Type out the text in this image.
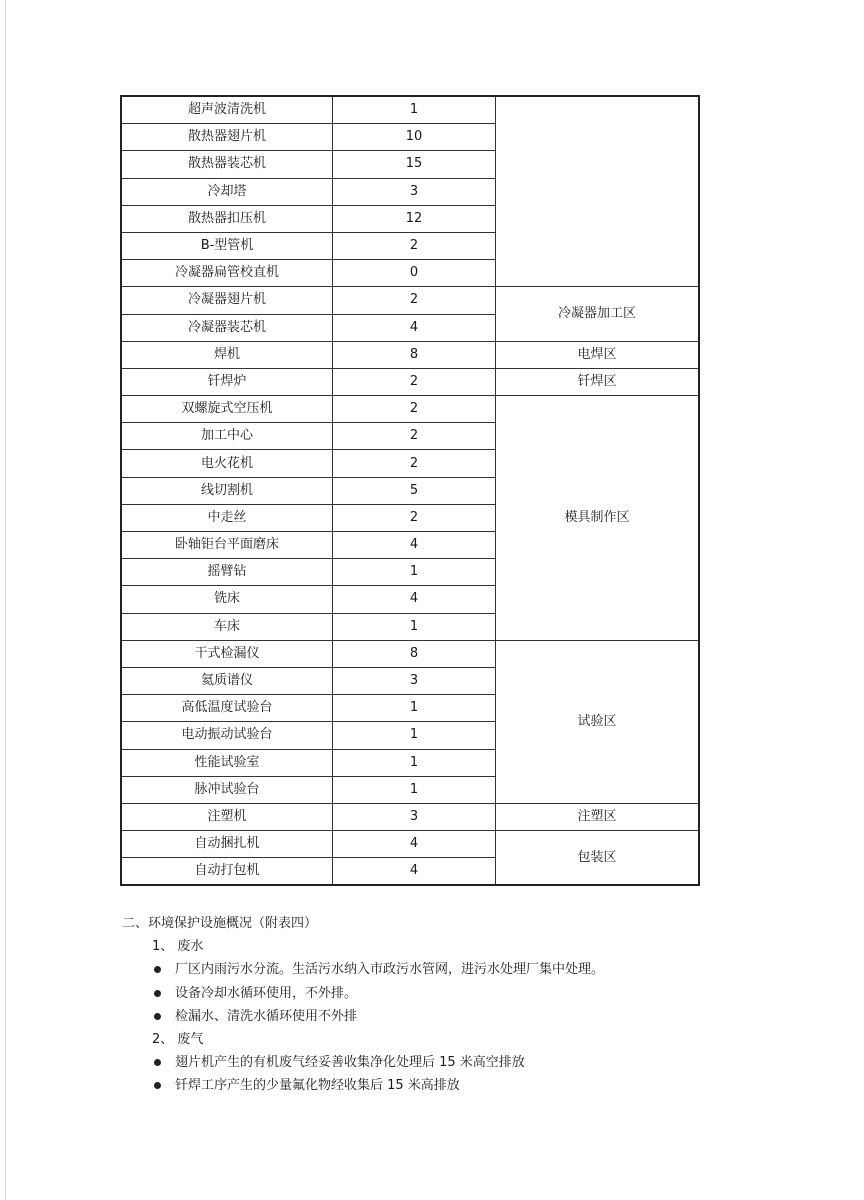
超声波清洗机	1	
散热器翅片机	10	
散热器装芯机	15	
冷却塔	3	
散热器扣压机	12	
B-型管机	2	
冷凝器扁管校直机	0	
冷凝器翅片机	2	冷凝器加工区
冷凝器装芯机	4	
焊机	8	电焊区
钎焊炉	2	钎焊区
双螺旋式空压机	2	模具制作区
加工中心	2	
电火花机	2	
线切割机	5	
中走丝	2	
卧轴钜台平面磨床	4	
摇臂钻	1	
铣床	4	
车床	1	
干式检漏仪	8	试验区
氦质谱仪	3	
高低温度试验台	1	
电动振动试验台	1	
性能试验室	1	
脉冲试验台	1	
注塑机	3	注塑区
自动捆扎机	4	包装区
自动打包机	4	
二、环境保护设施概况（附表四）
1、 废水
厂区内雨污水分流。生活污水纳入市政污水管网，进污水处理厂集中处理。
设备冷却水循环使用，不外排。
检漏水、清洗水循环使用不外排
2、 废气
翅片机产生的有机废气经妥善收集净化处理后 15 米高空排放
钎焊工序产生的少量氟化物经收集后 15 米高排放
